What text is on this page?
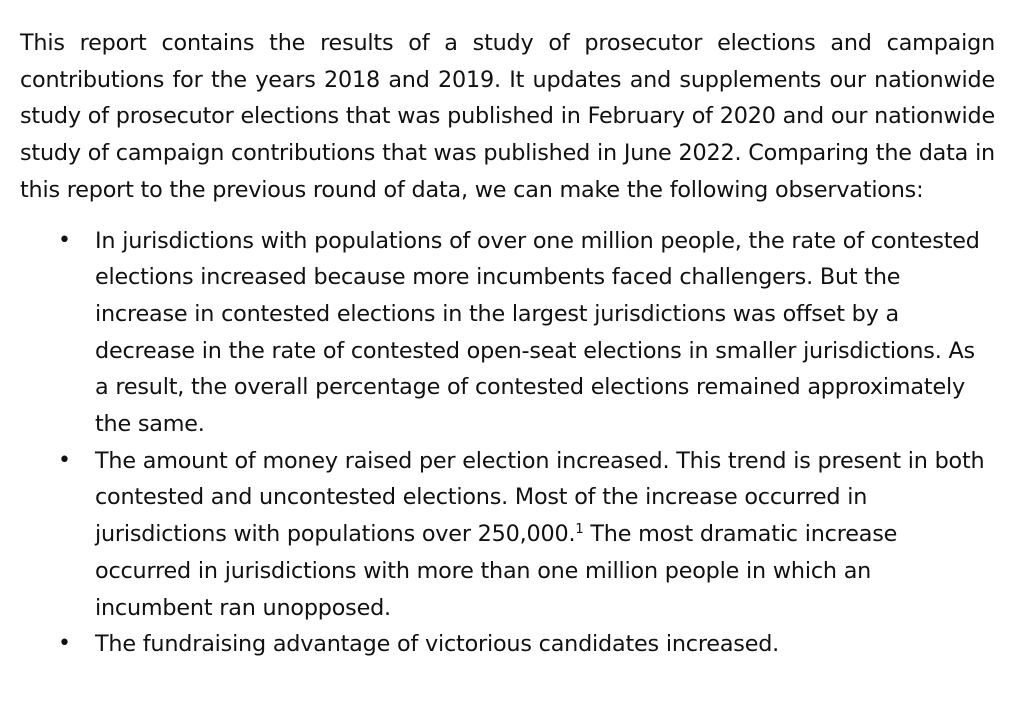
This report contains the results of a study of prosecutor elections and campaign contributions for the years 2018 and 2019. It updates and supplements our nationwide study of prosecutor elections that was published in February of 2020 and our nationwide study of campaign contributions that was published in June 2022. Comparing the data in this report to the previous round of data, we can make the following observations:

• In jurisdictions with populations of over one million people, the rate of contested elections increased because more incumbents faced challengers. But the increase in contested elections in the largest jurisdictions was offset by a decrease in the rate of contested open-seat elections in smaller jurisdictions. As a result, the overall percentage of contested elections remained approximately the same.
• The amount of money raised per election increased. This trend is present in both contested and uncontested elections. Most of the increase occurred in jurisdictions with populations over 250,000.$^1$ The most dramatic increase occurred in jurisdictions with more than one million people in which an incumbent ran unopposed.
• The fundraising advantage of victorious candidates increased.
